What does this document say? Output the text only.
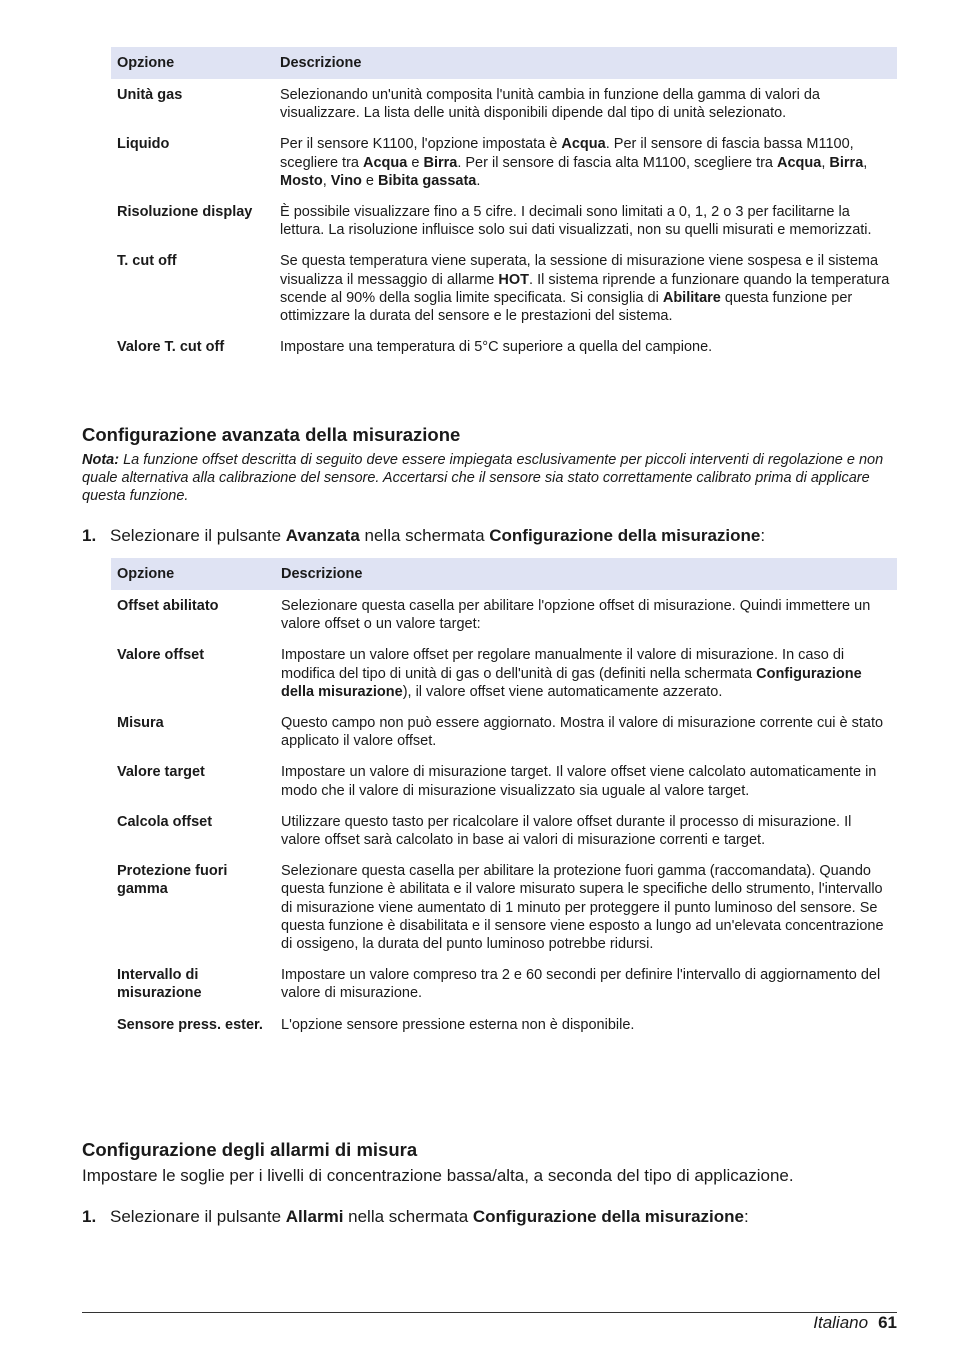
Opzione	Descrizione
Unità gas	Selezionando un'unità composita l'unità cambia in funzione della gamma di valori da visualizzare. La lista delle unità disponibili dipende dal tipo di unità selezionato.
Liquido	Per il sensore K1100, l'opzione impostata è Acqua. Per il sensore di fascia bassa M1100, scegliere tra Acqua e Birra. Per il sensore di fascia alta M1100, scegliere tra Acqua, Birra, Mosto, Vino e Bibita gassata.
Risoluzione display	È possibile visualizzare fino a 5 cifre. I decimali sono limitati a 0, 1, 2 o 3 per facilitarne la lettura. La risoluzione influisce solo sui dati visualizzati, non su quelli misurati e memorizzati.
T. cut off	Se questa temperatura viene superata, la sessione di misurazione viene sospesa e il sistema visualizza il messaggio di allarme HOT. Il sistema riprende a funzionare quando la temperatura scende al 90% della soglia limite specificata. Si consiglia di Abilitare questa funzione per ottimizzare la durata del sensore e le prestazioni del sistema.
Valore T. cut off	Impostare una temperatura di 5°C superiore a quella del campione.
Configurazione avanzata della misurazione
Nota: La funzione offset descritta di seguito deve essere impiegata esclusivamente per piccoli interventi di regolazione e non quale alternativa alla calibrazione del sensore. Accertarsi che il sensore sia stato correttamente calibrato prima di applicare questa funzione.
1. Selezionare il pulsante Avanzata nella schermata Configurazione della misurazione:
Opzione	Descrizione
Offset abilitato	Selezionare questa casella per abilitare l'opzione offset di misurazione. Quindi immettere un valore offset o un valore target:
Valore offset	Impostare un valore offset per regolare manualmente il valore di misurazione. In caso di modifica del tipo di unità di gas o dell'unità di gas (definiti nella schermata Configurazione della misurazione), il valore offset viene automaticamente azzerato.
Misura	Questo campo non può essere aggiornato. Mostra il valore di misurazione corrente cui è stato applicato il valore offset.
Valore target	Impostare un valore di misurazione target. Il valore offset viene calcolato automaticamente in modo che il valore di misurazione visualizzato sia uguale al valore target.
Calcola offset	Utilizzare questo tasto per ricalcolare il valore offset durante il processo di misurazione. Il valore offset sarà calcolato in base ai valori di misurazione correnti e target.
Protezione fuori gamma	Selezionare questa casella per abilitare la protezione fuori gamma (raccomandata). Quando questa funzione è abilitata e il valore misurato supera le specifiche dello strumento, l'intervallo di misurazione viene aumentato di 1 minuto per proteggere il punto luminoso del sensore. Se questa funzione è disabilitata e il sensore viene esposto a lungo ad un'elevata concentrazione di ossigeno, la durata del punto luminoso potrebbe ridursi.
Intervallo di misurazione	Impostare un valore compreso tra 2 e 60 secondi per definire l'intervallo di aggiornamento del valore di misurazione.
Sensore press. ester.	L'opzione sensore pressione esterna non è disponibile.
Configurazione degli allarmi di misura
Impostare le soglie per i livelli di concentrazione bassa/alta, a seconda del tipo di applicazione.
1. Selezionare il pulsante Allarmi nella schermata Configurazione della misurazione:
Italiano 61
